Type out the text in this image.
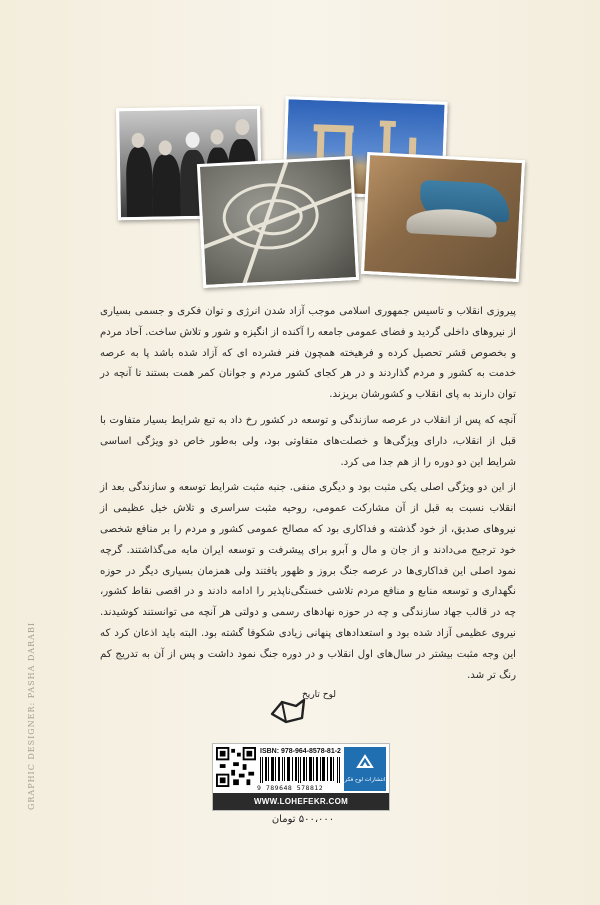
GRAPHIC DESIGNER: PASHA DARABI

پیروزی انقلاب و تاسیس جمهوری اسلامی موجب آزاد شدن انرژی و توان فکری و جسمی بسیاری از نیروهای داخلی گردید و فضای عمومی جامعه را آکنده از انگیزه و شور و تلاش ساخت. آحاد مردم و بخصوص قشر تحصیل کرده و فرهیخته همچون فنر فشرده ای که آزاد شده باشد پا به عرصه خدمت به کشور و مردم گذاردند و در هر کجای کشور مردم و جوانان کمر همت بستند تا آنچه در توان دارند به پای انقلاب و کشورشان بریزند.

آنچه که پس از انقلاب در عرصه سازندگی و توسعه در کشور رخ داد به تبع شرایط بسیار متفاوت با قبل از انقلاب، دارای ویژگی‌ها و خصلت‌های متفاوتی بود، ولی به‌طور خاص دو ویژگی اساسی شرایط این دو دوره را از هم جدا می کرد.

از این دو ویژگی اصلی یکی مثبت بود و دیگری منفی. جنبه مثبت شرایط توسعه و سازندگی بعد از انقلاب نسبت به قبل از آن مشارکت عمومی، روحیه مثبت سراسری و تلاش خیل عظیمی از نیروهای صدیق، از خود گذشته و فداکاری بود که مصالح عمومی کشور و مردم را بر منافع شخصی خود ترجیح می‌دادند و از جان و مال و آبرو برای پیشرفت و توسعه ایران مایه می‌گذاشتند. گرچه نمود اصلی این فداکاری‌ها در عرصه جنگ بروز و ظهور یافتند ولی همزمان بسیاری دیگر در حوزه نگهداری و توسعه منابع و منافع مردم تلاشی خستگی‌ناپذیر را ادامه دادند و در اقصی نقاط کشور، چه در قالب جهاد سازندگی و چه در حوزه نهادهای رسمی و دولتی هر آنچه می توانستند کوشیدند. نیروی عظیمی آزاد شده بود و استعدادهای پنهانی زیادی شکوفا گشته بود. البته باید اذعان کرد که این وجه مثبت بیشتر در سال‌های اول انقلاب و در دوره جنگ نمود داشت و پس از آن به تدریج کم رنگ تر شد.

لوح تاریخ
ISBN: 978-964-8578-81-2
9 789648 578812
انتشارات لوح فکر
WWW.LOHEFEKR.COM
۵۰۰،۰۰۰ تومان
